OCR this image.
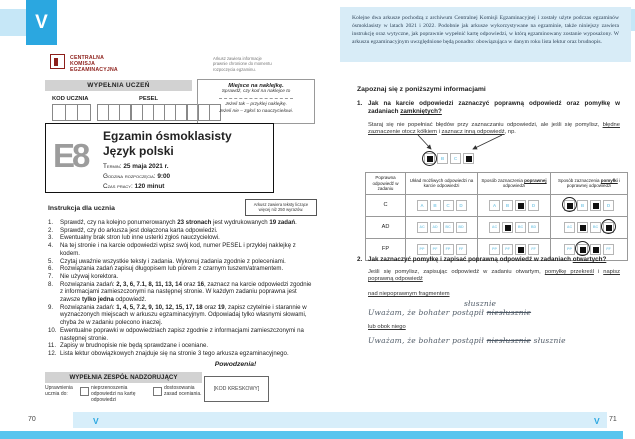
V
CENTRALNA
KOMISJA
EGZAMINACYJNA
Arkusz zawiera informacje prawnie chronione do momentu rozpoczęcia egzaminu.
WYPEŁNIA UCZEŃ
KOD UCZNIA	PESEL
Miejsce na naklejkę.
Sprawdź, czy kod na naklejce to
Jeżeli tak – przyklej naklejkę.
Jeżeli nie – zgłoś to nauczycielowi.
E8
Egzamin ósmoklasisty
Język polski
Termin: 25 maja 2021 r.
Godzina rozpoczęcia: 9:00
Czas pracy: 120 minut
Instrukcja dla ucznia
Arkusz zawiera teksty liczące więcej niż 250 wyrazów.
1.	Sprawdź, czy na kolejno ponumerowanych 23 stronach jest wydrukowanych 19 zadań.
2.	Sprawdź, czy do arkusza jest dołączona karta odpowiedzi.
3.	Ewentualny brak stron lub inne usterki zgłoś nauczycielowi.
4.	Na tej stronie i na karcie odpowiedzi wpisz swój kod, numer PESEL i przyklej naklejkę z kodem.
5.	Czytaj uważnie wszystkie teksty i zadania. Wykonuj zadania zgodnie z poleceniami.
6.	Rozwiązania zadań zapisuj długopisem lub piórem z czarnym tuszem/atramentem.
7.	Nie używaj korektora.
8.	Rozwiązania zadań: 2, 3, 6, 7.1, 8, 11, 13, 14 oraz 16, zaznacz na karcie odpowiedzi zgodnie z informacjami zamieszczonymi na następnej stronie. W każdym zadaniu poprawna jest zawsze tylko jedna odpowiedź.
9.	Rozwiązania zadań: 1, 4, 5, 7.2, 9, 10, 12, 15, 17, 18 oraz 19, zapisz czytelnie i starannie w wyznaczonych miejscach w arkuszu egzaminacyjnym. Odpowiadaj tylko własnymi słowami, chyba że w zadaniu polecono inaczej.
10. Ewentualne poprawki w odpowiedziach zapisz zgodnie z informacjami zamieszczonymi na następnej stronie.
11. Zapisy w brudnopisie nie będą sprawdzane i oceniane.
12. Lista lektur obowiązkowych znajduje się na stronie 3 tego arkusza egzaminacyjnego.
Powodzenia!
WYPEŁNIA ZESPÓŁ NADZORUJĄCY
Uprawnienia ucznia do:
nieprzenoszenia odpowiedzi na kartę odpowiedzi
dostosowania zasad oceniania.
[KOD KRESKOWY]
Kolejne dwa arkusze pochodzą z archiwum Centralnej Komisji Egzaminacyjnej i zostały użyte podczas egzaminów ósmoklasisty w latach 2021 i 2022. Podobnie jak arkusze wykorzystywane na egzaminie, także niniejszy zawiera instrukcję oraz wytyczne, jak poprawnie wypełnić kartę odpowiedzi, w którą egzaminowany zostanie wyposażony. W arkuszu egzaminacyjnym uwzględnione będą ponadto: obowiązująca w danym roku lista lektur oraz brudnopis.
Zapoznaj się z poniższymi informacjami
1. Jak na karcie odpowiedzi zaznaczyć poprawną odpowiedź oraz pomyłkę w zadaniach zamkniętych?
Staraj się nie popełniać błędów przy zaznaczaniu odpowiedzi, ale jeśli się pomylisz, błędne zaznaczenie otocz kółkiem i zaznacz inną odpowiedź, np.
B C
Poprawna odpowiedź w zadaniu	Układ możliwych odpowiedzi na karcie odpowiedzi	Sposób zaznaczenia poprawnej odpowiedzi	Sposób zaznaczenia pomyłki i poprawnej odpowiedzi
C	A B C D	A B D	B D

AD	AC AD BC BD	AC BC BD	AC BC

FP	PP PF FP FF	PP PF FF	PP FF
2. Jak zaznaczyć pomyłkę i zapisać poprawną odpowiedź w zadaniach otwartych?
Jeśli się pomylisz, zapisując odpowiedź w zadaniu otwartym, pomyłkę przekreśl i napisz poprawną odpowiedź
nad niepoprawnym fragmentem
słusznie
Uważam, że bohater postąpił niesłusznie
lub obok niego
Uważam, że bohater postąpił niesłusznie słusznie
V	V
70	71
